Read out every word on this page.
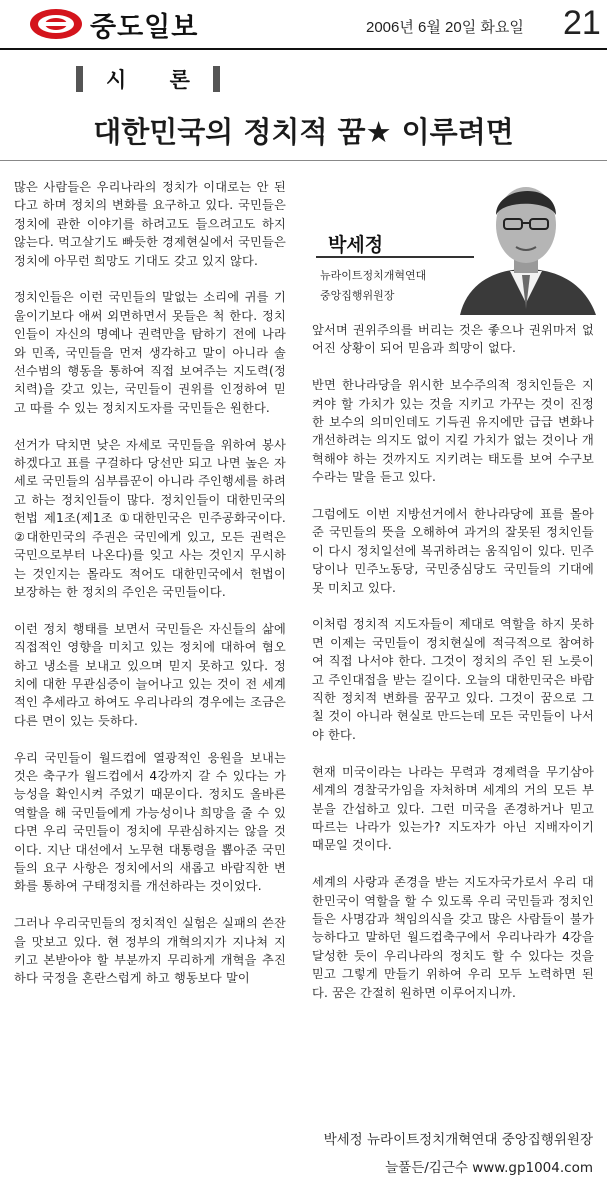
중도일보	2006년 6월 20일 화요일 21
시 론
대한민국의 정치적 꿈★ 이루려면
박세정
뉴라이트정치개혁연대
중앙집행위원장

많은 사람들은 우리나라의 정치가 이대로는 안 된다고 하며 정치의 변화를 요구하고 있다. 국민들은 정치에 관한 이야기를 하려고도 들으려고도 하지 않는다. 먹고살기도 빠듯한 경제현실에서 국민들은 정치에 아무런 희망도 기대도 갖고 있지 않다.

정치인들은 이런 국민들의 말없는 소리에 귀를 기울이기보다 애써 외면하면서 못들은 척 한다. 정치인들이 자신의 명예나 권력만을 탐하기 전에 나라와 민족, 국민들을 먼저 생각하고 말이 아니라 솔선수범의 행동을 통하여 직접 보여주는 지도력(정치력)을 갖고 있는, 국민들이 권위를 인정하여 믿고 따를 수 있는 정치지도자를 국민들은 원한다.

선거가 닥치면 낮은 자세로 국민들을 위하여 봉사하겠다고 표를 구걸하다 당선만 되고 나면 높은 자세로 국민들의 심부름꾼이 아니라 주인행세를 하려고 하는 정치인들이 많다. 정치인들이 대한민국의 헌법 제1조(제1조 ①대한민국은 민주공화국이다. ②대한민국의 주권은 국민에게 있고, 모든 권력은 국민으로부터 나온다)를 잊고 사는 것인지 무시하는 것인지는 몰라도 적어도 대한민국에서 헌법이 보장하는 한 정치의 주인은 국민들이다.

이런 정치 행태를 보면서 국민들은 자신들의 삶에 직접적인 영향을 미치고 있는 정치에 대하여 혐오하고 냉소를 보내고 있으며 믿지 못하고 있다. 정치에 대한 무관심증이 늘어나고 있는 것이 전 세계적인 추세라고 하여도 우리나라의 경우에는 조금은 다른 면이 있는 듯하다.

우리 국민들이 월드컵에 열광적인 응원을 보내는 것은 축구가 월드컵에서 4강까지 갈 수 있다는 가능성을 확인시켜 주었기 때문이다. 정치도 올바른 역할을 해 국민들에게 가능성이나 희망을 줄 수 있다면 우리 국민들이 정치에 무관심하지는 않을 것이다. 지난 대선에서 노무현 대통령을 뽑아준 국민들의 요구 사항은 정치에서의 새롭고 바람직한 변화를 통하여 구태정치를 개선하라는 것이었다.

그러나 우리국민들의 정치적인 실험은 실패의 쓴잔을 맛보고 있다. 현 정부의 개혁의지가 지나쳐 지키고 본받아야 할 부분까지 무리하게 개혁을 추진하다 국정을 혼란스럽게 하고 행동보다 말이

앞서며 권위주의를 버리는 것은 좋으나 권위마저 없어진 상황이 되어 믿음과 희망이 없다.

반면 한나라당을 위시한 보수주의적 정치인들은 지켜야 할 가치가 있는 것을 지키고 가꾸는 것이 진정한 보수의 의미인데도 기득권 유지에만 급급 변화나 개선하려는 의지도 없이 지킬 가치가 없는 것이나 개혁해야 하는 것까지도 지키려는 태도를 보여 수구보수라는 말을 듣고 있다.

그럼에도 이번 지방선거에서 한나라당에 표를 몰아준 국민들의 뜻을 오해하여 과거의 잘못된 정치인들이 다시 정치일선에 복귀하려는 움직임이 있다. 민주당이나 민주노동당, 국민중심당도 국민들의 기대에 못 미치고 있다.

이처럼 정치적 지도자들이 제대로 역할을 하지 못하면 이제는 국민들이 정치현실에 적극적으로 참여하여 직접 나서야 한다. 그것이 정치의 주인 된 노릇이고 주인대접을 받는 길이다. 오늘의 대한민국은 바람직한 정치적 변화를 꿈꾸고 있다. 그것이 꿈으로 그칠 것이 아니라 현실로 만드는데 모든 국민들이 나서야 한다.

현재 미국이라는 나라는 무력과 경제력을 무기삼아 세계의 경찰국가임을 자처하며 세계의 거의 모든 부분을 간섭하고 있다. 그런 미국을 존경하거나 믿고 따르는 나라가 있는가? 지도자가 아닌 지배자이기 때문일 것이다.

세계의 사랑과 존경을 받는 지도자국가로서 우리 대한민국이 역할을 할 수 있도록 우리 국민들과 정치인들은 사명감과 책임의식을 갖고 많은 사람들이 불가능하다고 말하던 월드컵축구에서 우리나라가 4강을 달성한 듯이 우리나라의 정치도 할 수 있다는 것을 믿고 그렇게 만들기 위하여 우리 모두 노력하면 된다. 꿈은 간절히 원하면 이루어지니까.

박세정 뉴라이트정치개혁연대 중앙집행위원장
늘풀든/김근수 www.gp1004.com
